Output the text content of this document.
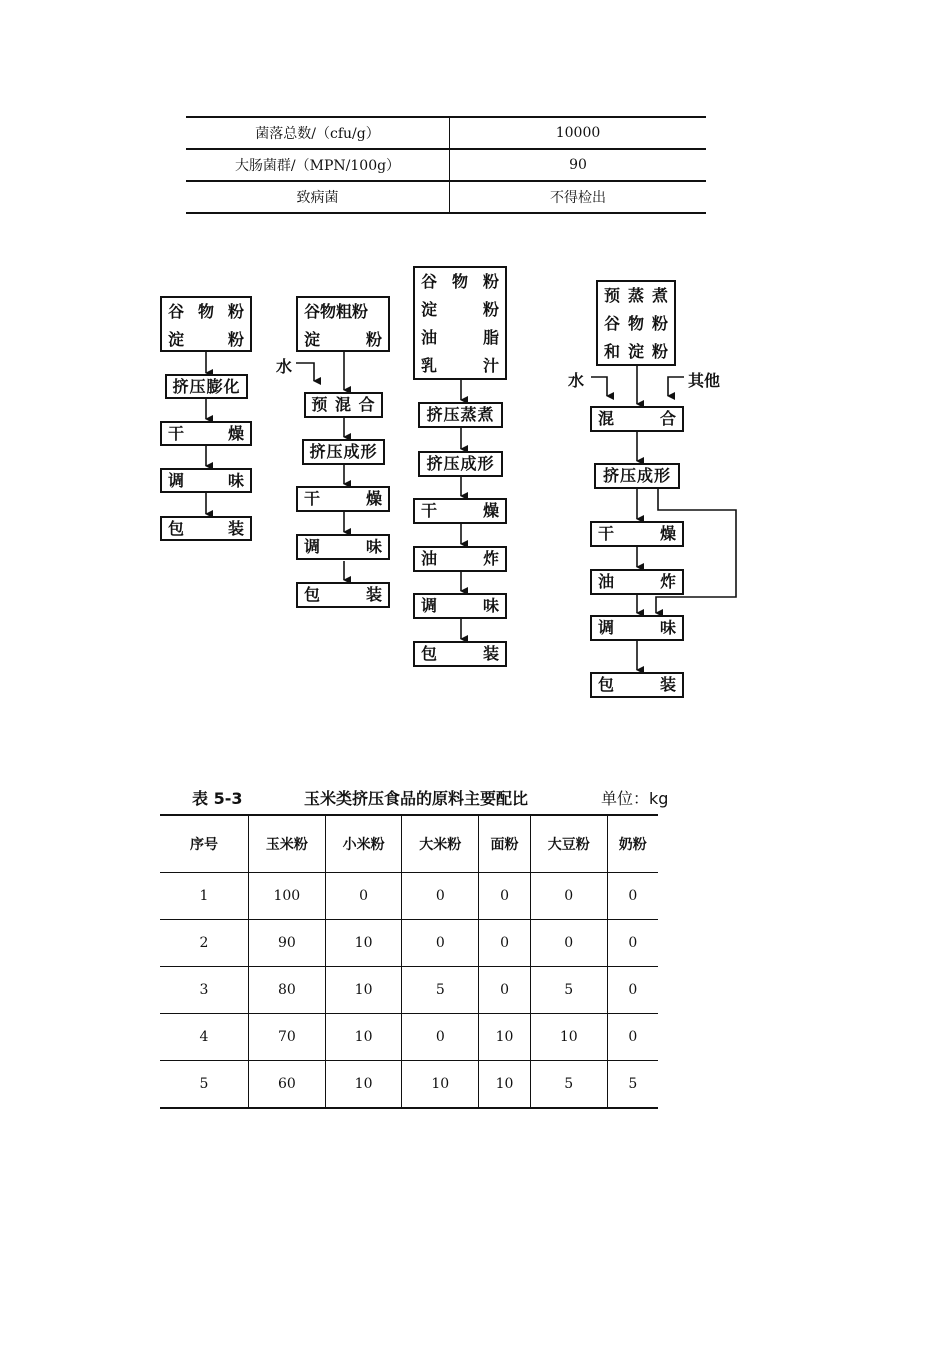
菌落总数/（cfu/g）	10000
大肠菌群/（MPN/100g）	90
致病菌	不得检出
谷 物 粉
淀	粉
挤压膨化
干	燥
调	味
包	装
谷物粗粉
淀	粉
水
预 混 合
挤压成形
干	燥
调	味
包	装
谷 物 粉
淀	粉
油	脂
乳	汁
挤压蒸煮
挤压成形
干	燥
油	炸
调	味
包	装
预 蒸 煮
谷 物 粉
和 淀 粉
水	其他
混	合
挤压成形
干	燥
油	炸
调	味
包	装
表 5-3	玉米类挤压食品的原料主要配比	单位：kg
序号	玉米粉	小米粉	大米粉	面粉	大豆粉	奶粉
1	100	0	0	0	0	0
2	90	10	0	0	0	0
3	80	10	5	0	5	0
4	70	10	0	10	10	0
5	60	10	10	10	5	5
